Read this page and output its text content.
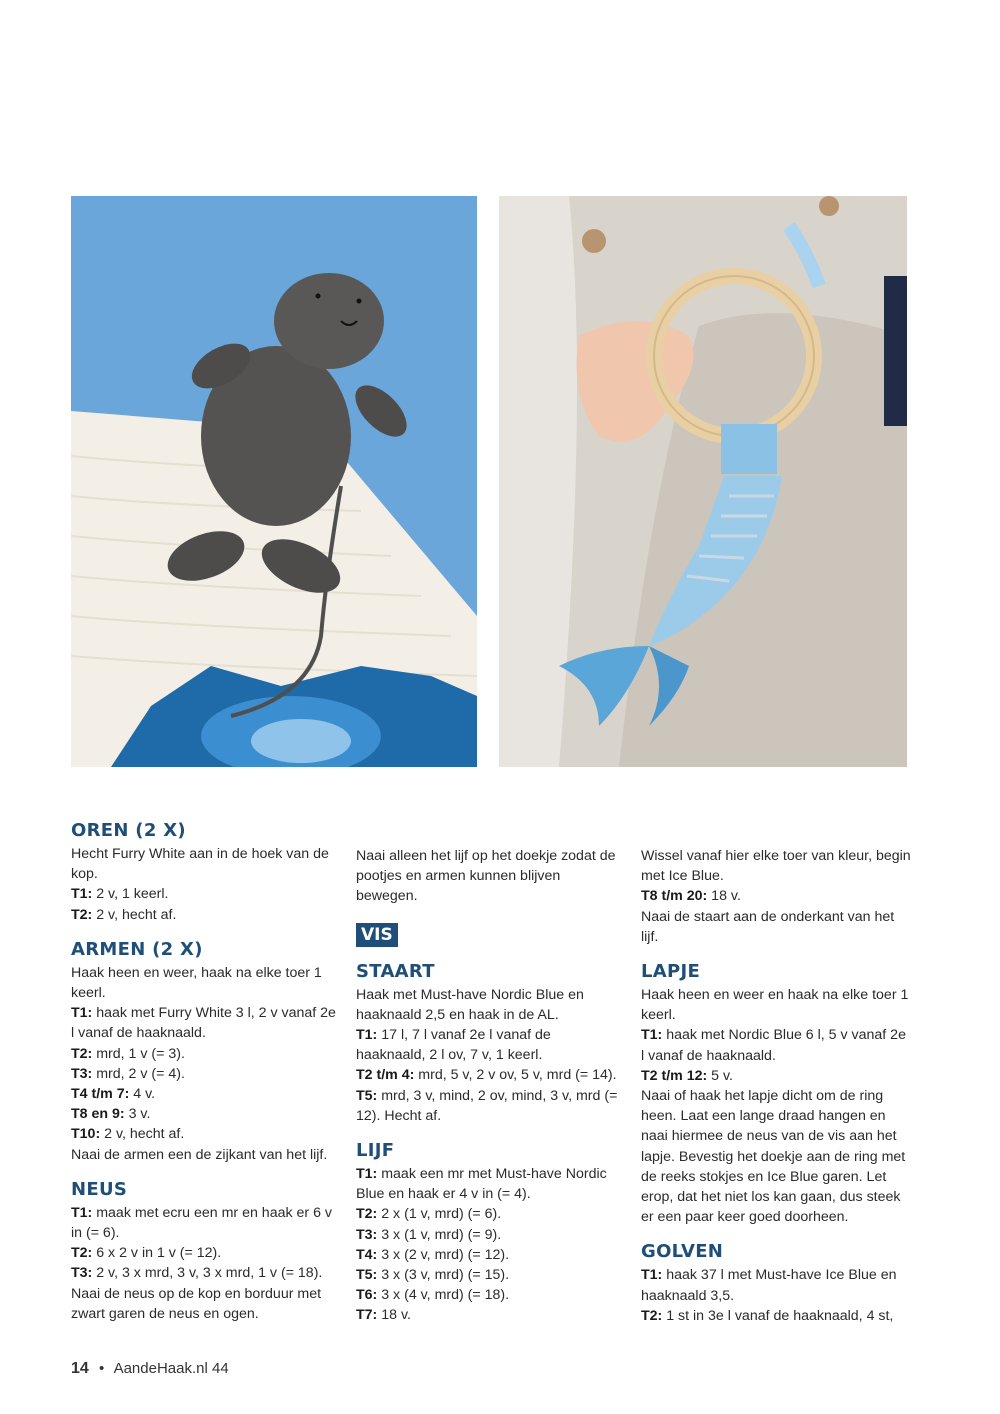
OREN (2 X)

Hecht Furry White aan in de hoek van de kop.

T1: 2 v, 1 keerl.

T2: 2 v, hecht af.

ARMEN (2 X)

Haak heen en weer, haak na elke toer 1 keerl.

T1: haak met Furry White 3 l, 2 v vanaf 2e l vanaf de haaknaald.

T2: mrd, 1 v (= 3).

T3: mrd, 2 v (= 4).

T4 t/m 7: 4 v.

T8 en 9: 3 v.

T10: 2 v, hecht af.

Naai de armen een de zijkant van het lijf.

NEUS

T1: maak met ecru een mr en haak er 6 v in (= 6).

T2: 6 x 2 v in 1 v (= 12).

T3: 2 v, 3 x mrd, 3 v, 3 x mrd, 1 v (= 18).

Naai de neus op de kop en borduur met zwart garen de neus en ogen.

Naai alleen het lijf op het doekje zodat de pootjes en armen kunnen blijven bewegen.

VIS
STAART

Haak met Must-have Nordic Blue en haaknaald 2,5 en haak in de AL.

T1: 17 l, 7 l vanaf 2e l vanaf de haaknaald, 2 l ov, 7 v, 1 keerl.

T2 t/m 4: mrd, 5 v, 2 v ov, 5 v, mrd (= 14).

T5: mrd, 3 v, mind, 2 ov, mind, 3 v, mrd (= 12). Hecht af.

LIJF

T1: maak een mr met Must-have Nordic Blue en haak er 4 v in (= 4).

T2: 2 x (1 v, mrd) (= 6).

T3: 3 x (1 v, mrd) (= 9).

T4: 3 x (2 v, mrd) (= 12).

T5: 3 x (3 v, mrd) (= 15).

T6: 3 x (4 v, mrd) (= 18).

T7: 18 v.

Wissel vanaf hier elke toer van kleur, begin met Ice Blue.

T8 t/m 20: 18 v.

Naai de staart aan de onderkant van het lijf.

LAPJE

Haak heen en weer en haak na elke toer 1 keerl.

T1: haak met Nordic Blue 6 l, 5 v vanaf 2e l vanaf de haaknaald.

T2 t/m 12: 5 v.

Naai of haak het lapje dicht om de ring heen. Laat een lange draad hangen en naai hiermee de neus van de vis aan het lapje. Bevestig het doekje aan de ring met de reeks stokjes en Ice Blue garen. Let erop, dat het niet los kan gaan, dus steek er een paar keer goed doorheen.

GOLVEN

T1: haak 37 l met Must-have Ice Blue en haaknaald 3,5.

T2: 1 st in 3e l vanaf de haaknaald, 4 st,

14 • AandeHaak.nl 44
